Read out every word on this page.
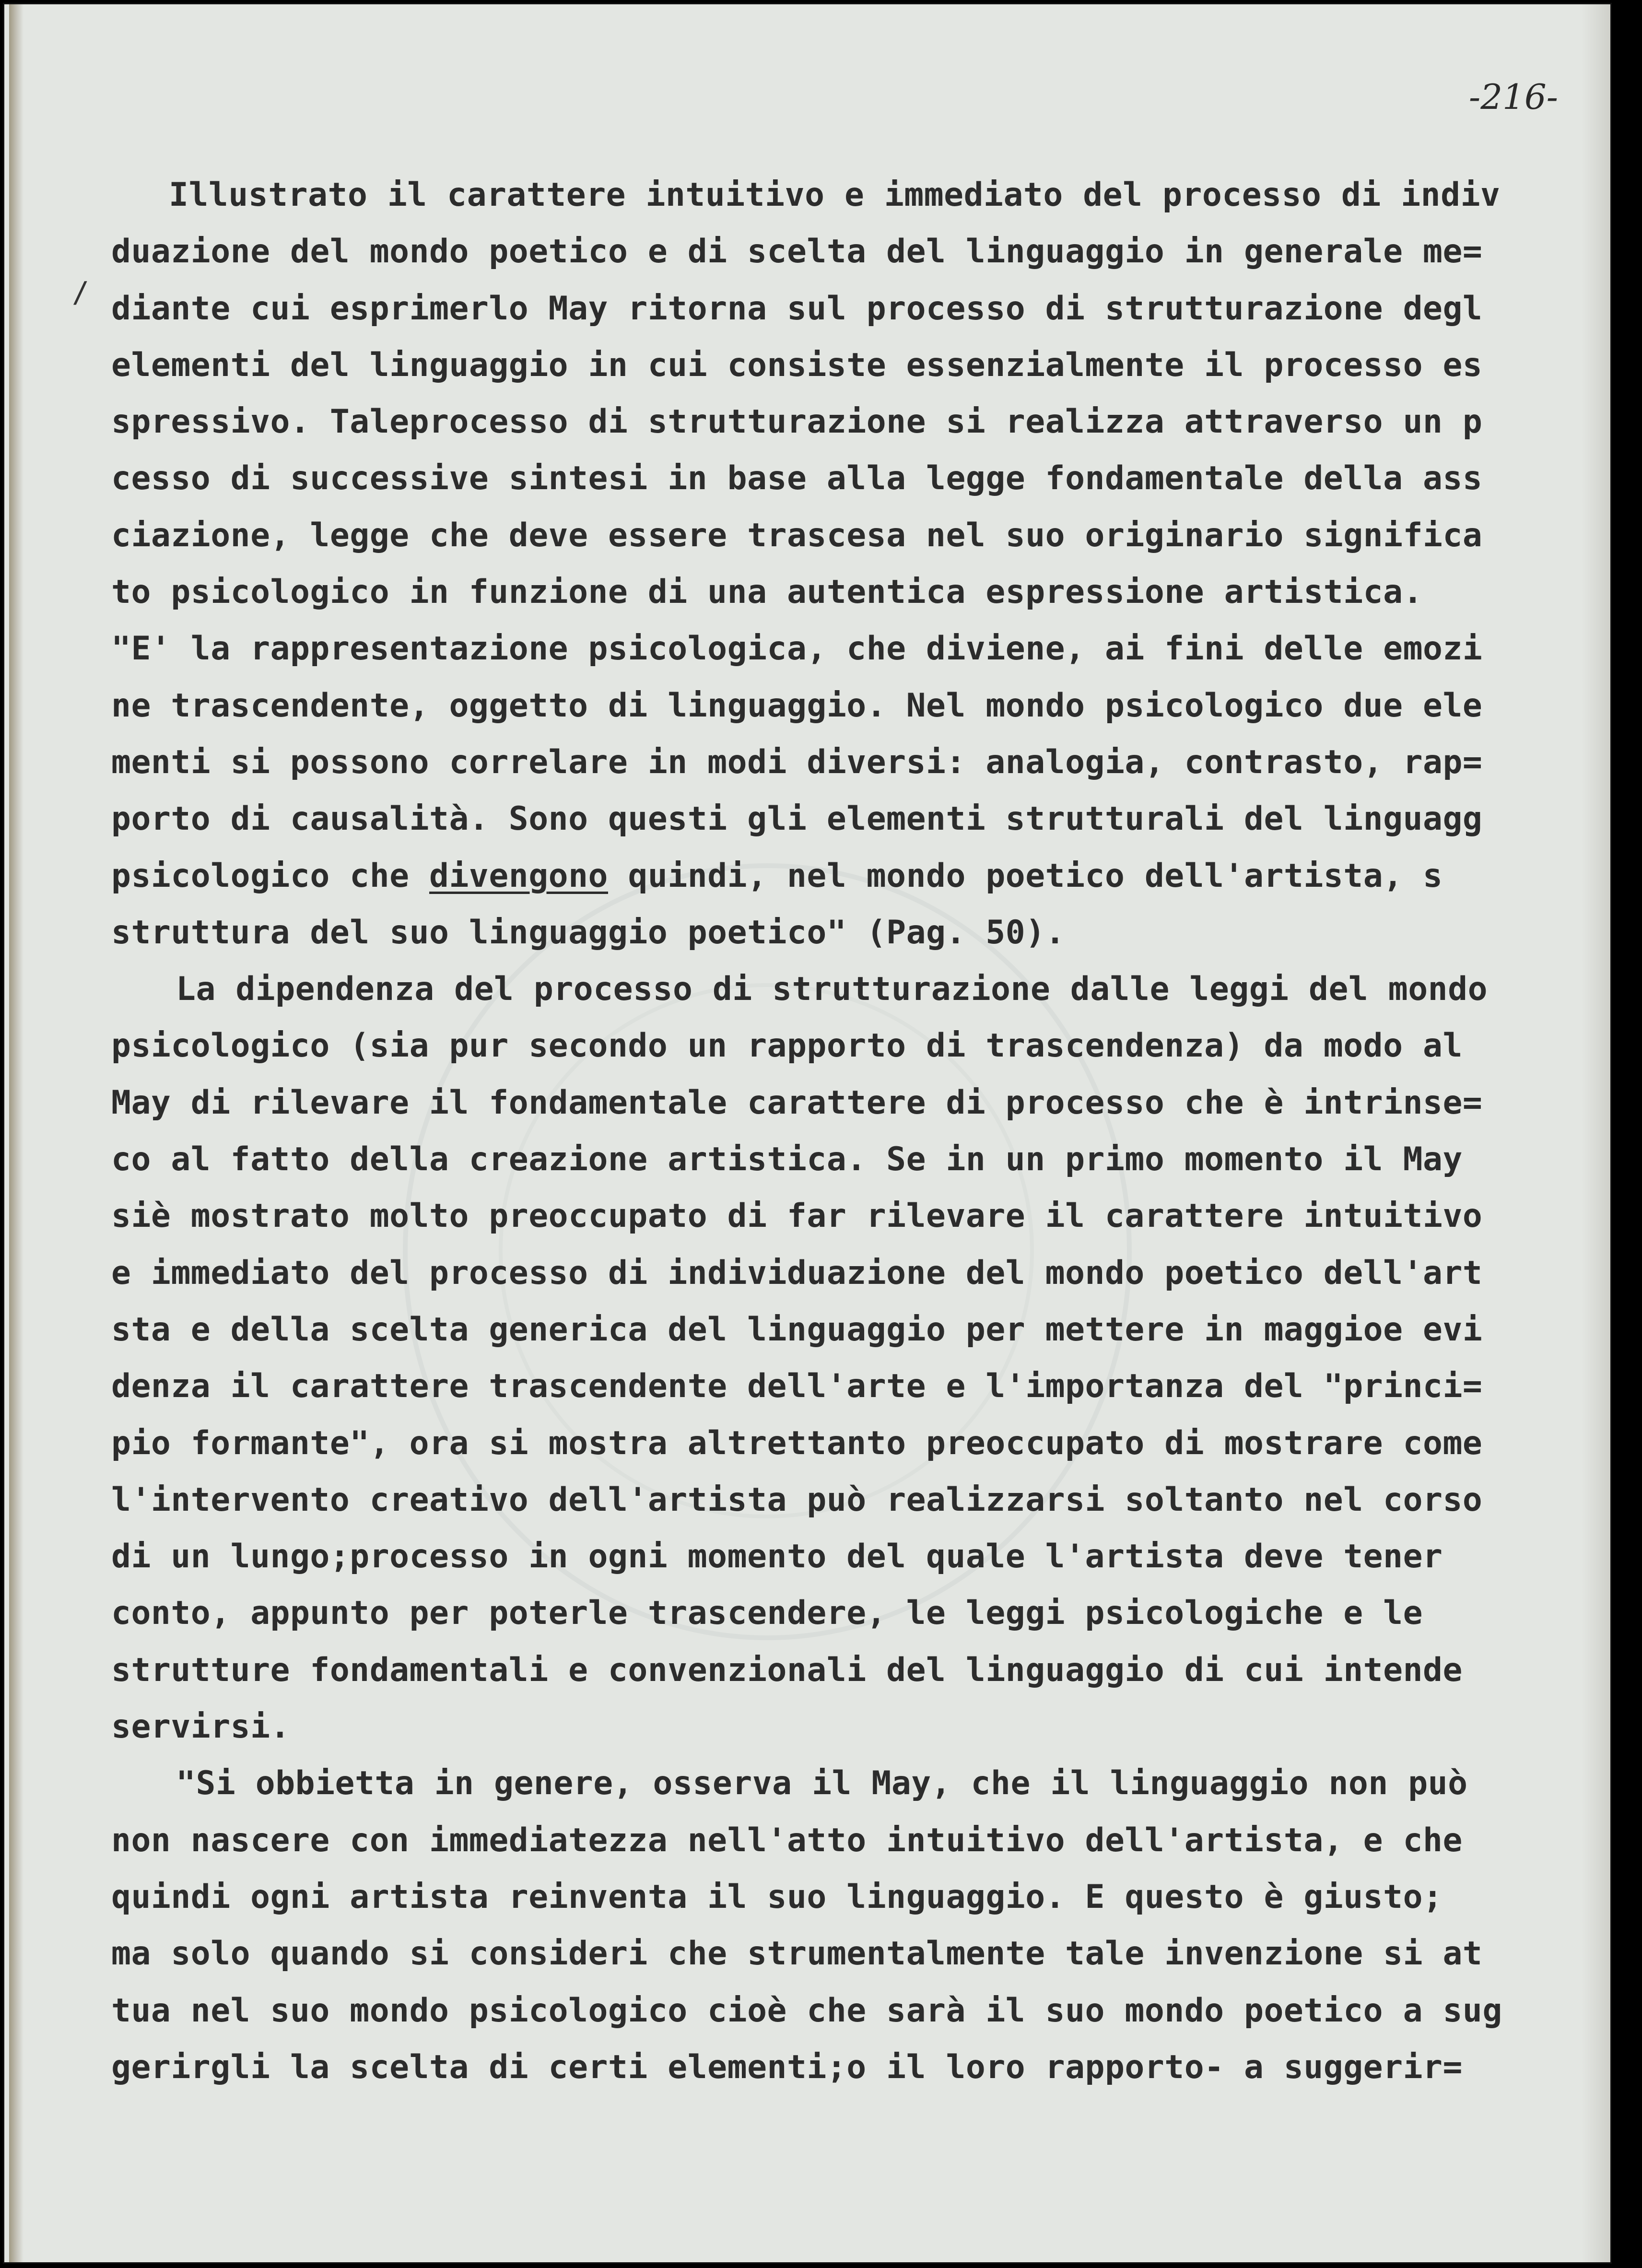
-216-
/
Illustrato il carattere intuitivo e immediato del processo di indiv
duazione del mondo poetico e di scelta del linguaggio in generale me=
diante cui esprimerlo May ritorna sul processo di strutturazione degl
elementi del linguaggio in cui consiste essenzialmente il processo es
spressivo. Taleprocesso di strutturazione si realizza attraverso un p
cesso di successive sintesi in base alla legge fondamentale della ass
ciazione, legge che deve essere trascesa nel suo originario significa
to psicologico in funzione di una autentica espressione artistica.
"E' la rappresentazione psicologica, che diviene, ai fini delle emozi
ne trascendente, oggetto di linguaggio. Nel mondo psicologico due ele
menti si possono correlare in modi diversi: analogia, contrasto, rap=
porto di causalità. Sono questi gli elementi strutturali del linguagg
psicologico che divengono quindi, nel mondo poetico dell'artista, s
struttura del suo linguaggio poetico" (Pag. 50).
La dipendenza del processo di strutturazione dalle leggi del mondo
psicologico (sia pur secondo un rapporto di trascendenza) da modo al
May di rilevare il fondamentale carattere di processo che è intrinse=
co al fatto della creazione artistica. Se in un primo momento il May
siè mostrato molto preoccupato di far rilevare il carattere intuitivo
e immediato del processo di individuazione del mondo poetico dell'art
sta e della scelta generica del linguaggio per mettere in maggioe evi
denza il carattere trascendente dell'arte e l'importanza del "princi=
pio formante", ora si mostra altrettanto preoccupato di mostrare come
l'intervento creativo dell'artista può realizzarsi soltanto nel corso
di un lungo;processo in ogni momento del quale l'artista deve tener
conto, appunto per poterle trascendere, le leggi psicologiche e le
strutture fondamentali e convenzionali del linguaggio di cui intende
servirsi.
"Si obbietta in genere, osserva il May, che il linguaggio non può
non nascere con immediatezza nell'atto intuitivo dell'artista, e che
quindi ogni artista reinventa il suo linguaggio. E questo è giusto;
ma solo quando si consideri che strumentalmente tale invenzione si at
tua nel suo mondo psicologico cioè che sarà il suo mondo poetico a sug
gerirgli la scelta di certi elementi;o il loro rapporto- a suggerir=
